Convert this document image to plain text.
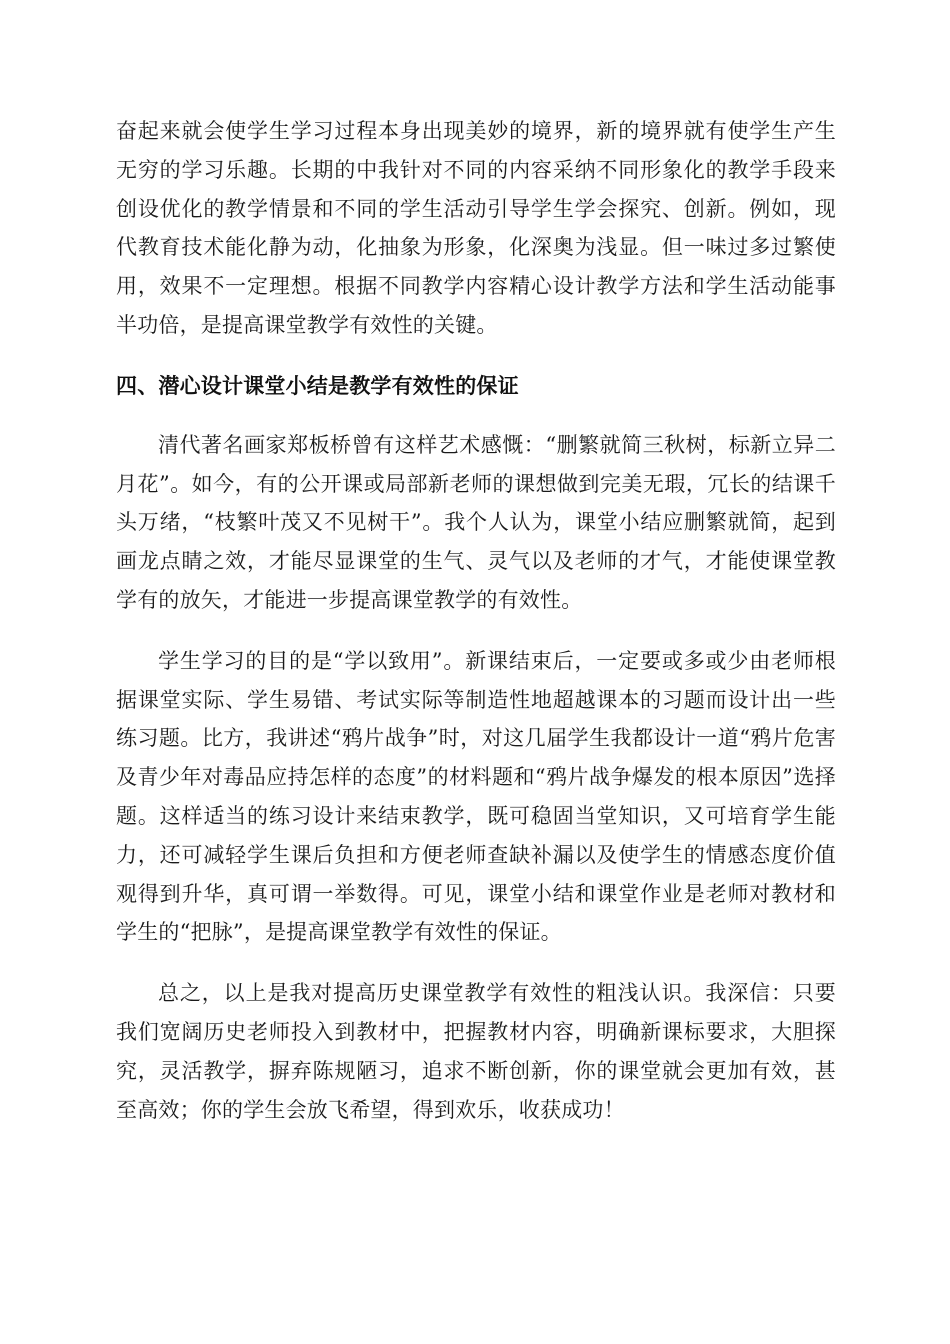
奋起来就会使学生学习过程本身出现美妙的境界，新的境界就有使学生产生无穷的学习乐趣。长期的中我针对不同的内容采纳不同形象化的教学手段来创设优化的教学情景和不同的学生活动引导学生学会探究、创新。例如，现代教育技术能化静为动，化抽象为形象，化深奥为浅显。但一味过多过繁使用，效果不一定理想。根据不同教学内容精心设计教学方法和学生活动能事半功倍，是提高课堂教学有效性的关键。

四、潜心设计课堂小结是教学有效性的保证

清代著名画家郑板桥曾有这样艺术感慨：“删繁就简三秋树，标新立异二月花”。如今，有的公开课或局部新老师的课想做到完美无瑕，冗长的结课千头万绪，“枝繁叶茂又不见树干”。我个人认为，课堂小结应删繁就简，起到画龙点睛之效，才能尽显课堂的生气、灵气以及老师的才气，才能使课堂教学有的放矢，才能进一步提高课堂教学的有效性。

学生学习的目的是“学以致用”。新课结束后，一定要或多或少由老师根据课堂实际、学生易错、考试实际等制造性地超越课本的习题而设计出一些练习题。比方，我讲述“鸦片战争”时，对这几届学生我都设计一道“鸦片危害及青少年对毒品应持怎样的态度”的材料题和“鸦片战争爆发的根本原因”选择题。这样适当的练习设计来结束教学，既可稳固当堂知识，又可培育学生能力，还可减轻学生课后负担和方便老师查缺补漏以及使学生的情感态度价值观得到升华，真可谓一举数得。可见，课堂小结和课堂作业是老师对教材和学生的“把脉”，是提高课堂教学有效性的保证。

总之，以上是我对提高历史课堂教学有效性的粗浅认识。我深信：只要我们宽阔历史老师投入到教材中，把握教材内容，明确新课标要求，大胆探究，灵活教学，摒弃陈规陋习，追求不断创新，你的课堂就会更加有效，甚至高效；你的学生会放飞希望，得到欢乐，收获成功！
